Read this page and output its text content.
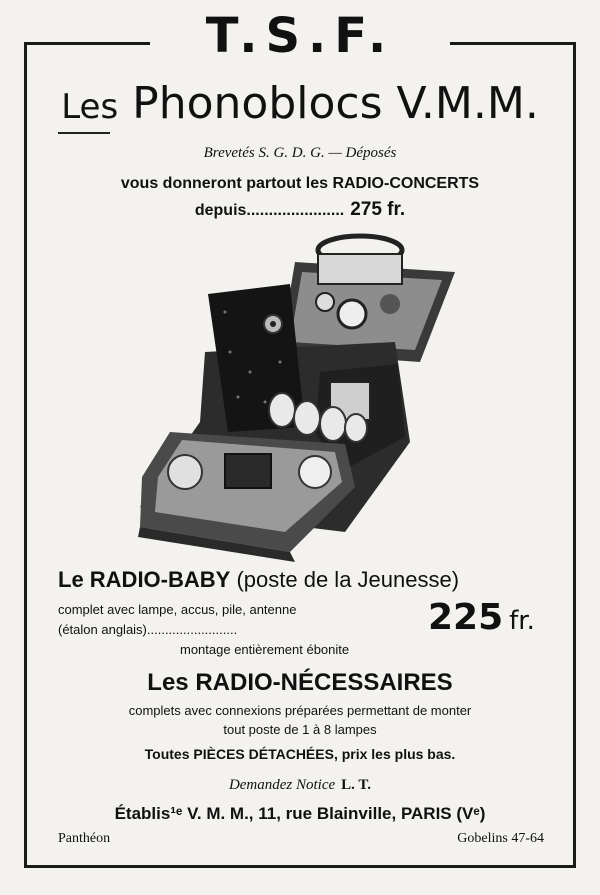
T.S.F.
Les Phonoblocs V.M.M.
Brevetés S. G. D. G. — Déposés
vous donneront partout les RADIO-CONCERTS
depuis...................... 275 fr.
Le RADIO-BABY (poste de la Jeunesse)
complet avec lampe, accus, pile, antenne
(étalon anglais).........................
montage entièrement ébonite
225 fr.
Les RADIO-NÉCESSAIRES
complets avec connexions préparées permettant de monter
tout poste de 1 à 8 lampes
Toutes PIÈCES DÉTACHÉES, prix les plus bas.
Demandez Notice L. T.
Établis¹ᵉ V. M. M., 11, rue Blainville, PARIS (Vᵉ)
Panthéon	Gobelins 47-64
